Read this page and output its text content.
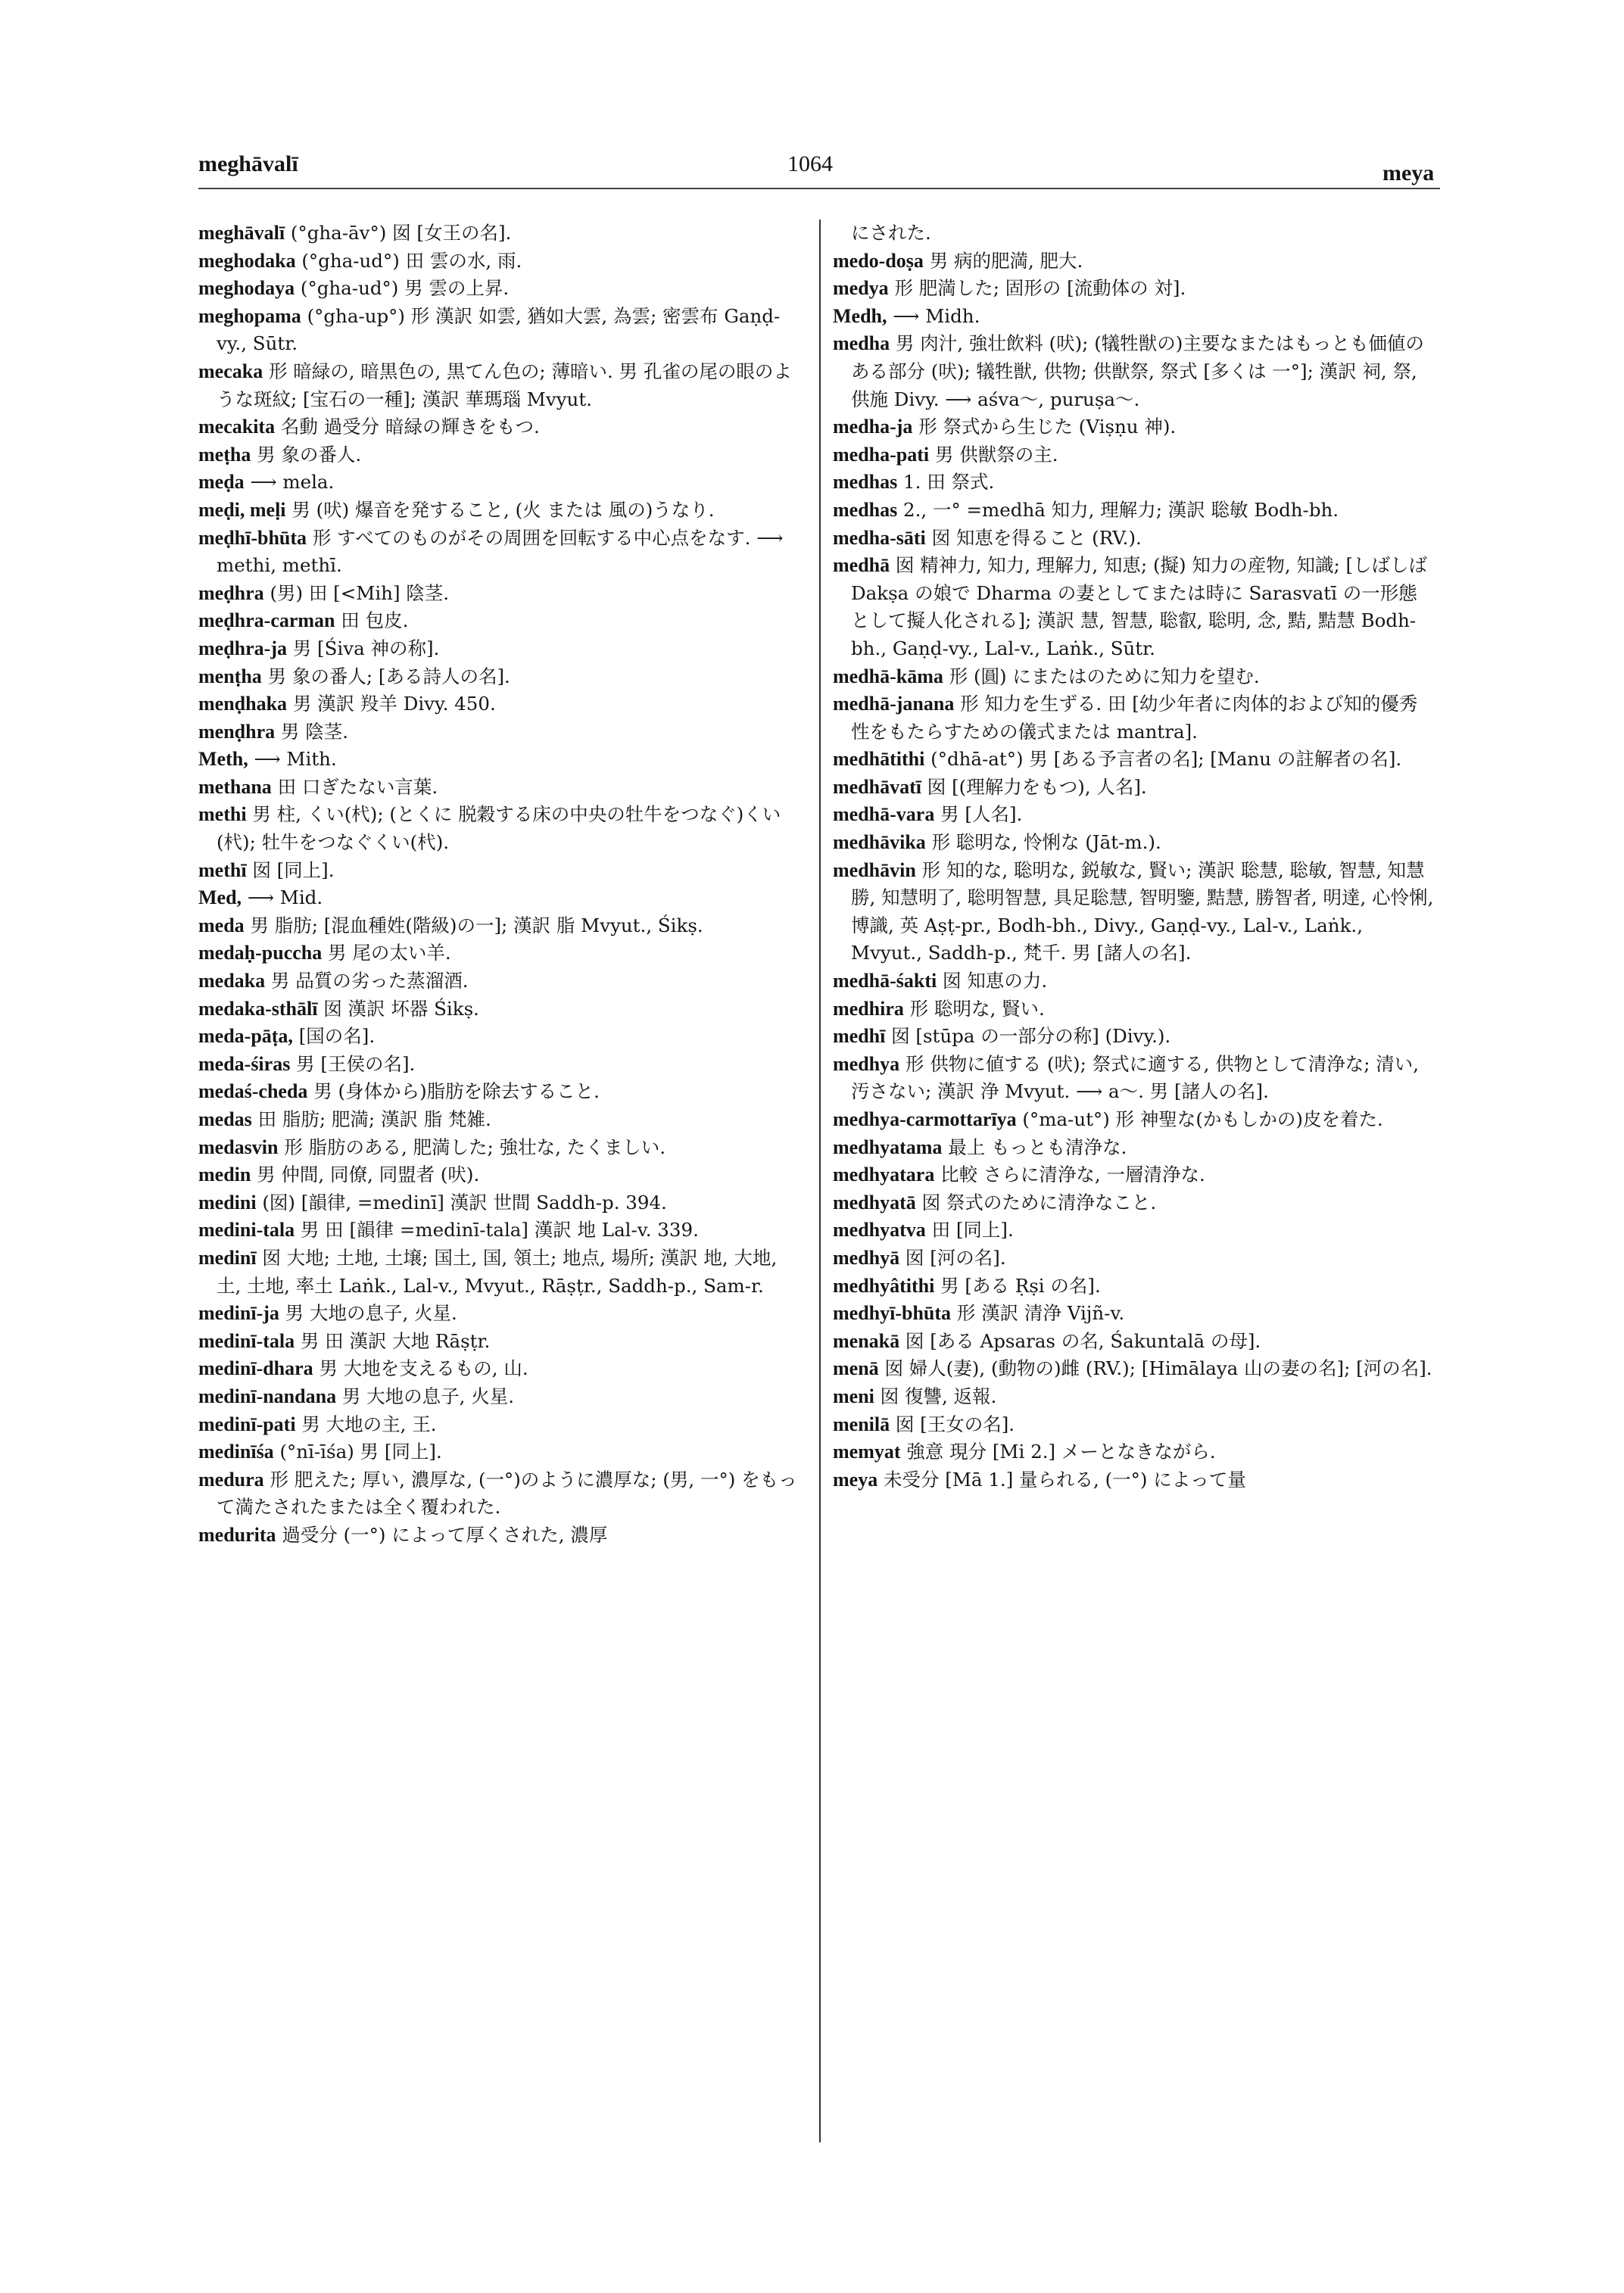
meghāvalī	1064	meya

meghāvalī (°gha-āv°) 囡 [女王の名].

meghodaka (°gha-ud°) 田 雲の水, 雨.

meghodaya (°gha-ud°) 男 雲の上昇.

meghopama (°gha-up°) 形 漢訳 如雲, 猶如大雲, 為雲; 密雲布 Gaṇḍ-vy., Sūtr.

mecaka 形 暗緑の, 暗黒色の, 黒てん色の; 薄暗い. 男 孔雀の尾の眼のような斑紋; [宝石の一種]; 漢訳 華瑪瑙 Mvyut.

mecakita 名動 過受分 暗緑の輝きをもつ.

meṭha 男 象の番人.

meḍa ⟶ mela.

meḍi, meḷi 男 (吠) 爆音を発すること, (火 または 風の)うなり.

meḍhī-bhūta 形 すべてのものがその周囲を回転する中心点をなす. ⟶ methi, methī.

meḍhra (男) 田 [<Mih] 陰茎.

meḍhra-carman 田 包皮.

meḍhra-ja 男 [Śiva 神の称].

menṭha 男 象の番人; [ある詩人の名].

menḍhaka 男 漢訳 羖羊 Divy. 450.

menḍhra 男 陰茎.

Meth, ⟶ Mith.

methana 田 口ぎたない言葉.

methi 男 柱, くい(杙); (とくに 脱穀する床の中央の牡牛をつなぐ)くい (杙); 牡牛をつなぐくい(杙).

methī 囡 [同上].

Med, ⟶ Mid.

meda 男 脂肪; [混血種姓(階級)の一]; 漢訳 脂 Mvyut., Śikṣ.

medaḥ-puccha 男 尾の太い羊.

medaka 男 品質の劣った蒸溜酒.

medaka-sthālī 囡 漢訳 坏器 Śikṣ.

meda-pāṭa, [国の名].

meda-śiras 男 [王侯の名].

medaś-cheda 男 (身体から)脂肪を除去すること.

medas 田 脂肪; 肥満; 漢訳 脂 梵雑.

medasvin 形 脂肪のある, 肥満した; 強壮な, たくましい.

medin 男 仲間, 同僚, 同盟者 (吠).

medini (囡) [韻律, =medinī] 漢訳 世間 Saddh-p. 394.

medini-tala 男 田 [韻律 =medinī-tala] 漢訳 地 Lal-v. 339.

medinī 囡 大地; 土地, 土壌; 国土, 国, 領土; 地点, 場所; 漢訳 地, 大地, 土, 土地, 率土 Laṅk., Lal-v., Mvyut., Rāṣṭr., Saddh-p., Sam-r.

medinī-ja 男 大地の息子, 火星.

medinī-tala 男 田 漢訳 大地 Rāṣṭr.

medinī-dhara 男 大地を支えるもの, 山.

medinī-nandana 男 大地の息子, 火星.

medinī-pati 男 大地の主, 王.

medinīśa (°nī-īśa) 男 [同上].

medura 形 肥えた; 厚い, 濃厚な, (一°)のように濃厚な; (男, 一°) をもって満たされたまたは全く覆われた.

medurita 過受分 (一°) によって厚くされた, 濃厚

にされた.

medo-doṣa 男 病的肥満, 肥大.

medya 形 肥満した; 固形の [流動体の 対].

Medh, ⟶ Midh.

medha 男 肉汁, 強壮飲料 (吠); (犠牲獣の)主要なまたはもっとも価値のある部分 (吠); 犠牲獣, 供物; 供獣祭, 祭式 [多くは 一°]; 漢訳 祠, 祭, 供施 Divy. ⟶ aśva〜, puruṣa〜.

medha-ja 形 祭式から生じた (Viṣṇu 神).

medha-pati 男 供獣祭の主.

medhas 1. 田 祭式.

medhas 2., 一° =medhā 知力, 理解力; 漢訳 聡敏 Bodh-bh.

medha-sāti 囡 知恵を得ること (RV.).

medhā 囡 精神力, 知力, 理解力, 知恵; (擬) 知力の産物, 知識; [しばしば Dakṣa の娘で Dharma の妻としてまたは時に Sarasvatī の一形態として擬人化される]; 漢訳 慧, 智慧, 聡叡, 聡明, 念, 黠, 黠慧 Bodh-bh., Gaṇḍ-vy., Lal-v., Laṅk., Sūtr.

medhā-kāma 形 (圓) にまたはのために知力を望む.

medhā-janana 形 知力を生ずる. 田 [幼少年者に肉体的および知的優秀性をもたらすための儀式または mantra].

medhātithi (°dhā-at°) 男 [ある予言者の名]; [Manu の註解者の名].

medhāvatī 囡 [(理解力をもつ), 人名].

medhā-vara 男 [人名].

medhāvika 形 聡明な, 怜悧な (Jāt-m.).

medhāvin 形 知的な, 聡明な, 鋭敏な, 賢い; 漢訳 聡慧, 聡敏, 智慧, 知慧勝, 知慧明了, 聡明智慧, 具足聡慧, 智明鑒, 黠慧, 勝智者, 明達, 心怜悧, 博識, 英 Aṣṭ-pr., Bodh-bh., Divy., Gaṇḍ-vy., Lal-v., Laṅk., Mvyut., Saddh-p., 梵千. 男 [諸人の名].

medhā-śakti 囡 知恵の力.

medhira 形 聡明な, 賢い.

medhī 囡 [stūpa の一部分の称] (Divy.).

medhya 形 供物に値する (吠); 祭式に適する, 供物として清浄な; 清い, 汚さない; 漢訳 浄 Mvyut. ⟶ a〜. 男 [諸人の名].

medhya-carmottarīya (°ma-ut°) 形 神聖な(かもしかの)皮を着た.

medhyatama 最上 もっとも清浄な.

medhyatara 比較 さらに清浄な, 一層清浄な.

medhyatā 囡 祭式のために清浄なこと.

medhyatva 田 [同上].

medhyā 囡 [河の名].

medhyâtithi 男 [ある Ṛṣi の名].

medhyī-bhūta 形 漢訳 清浄 Vijñ-v.

menakā 囡 [ある Apsaras の名, Śakuntalā の母].

menā 囡 婦人(妻), (動物の)雌 (RV.); [Himālaya 山の妻の名]; [河の名].

meni 囡 復讐, 返報.

menilā 囡 [王女の名].

memyat 強意 現分 [Mi 2.] メーとなきながら.

meya 未受分 [Mā 1.] 量られる, (一°) によって量
